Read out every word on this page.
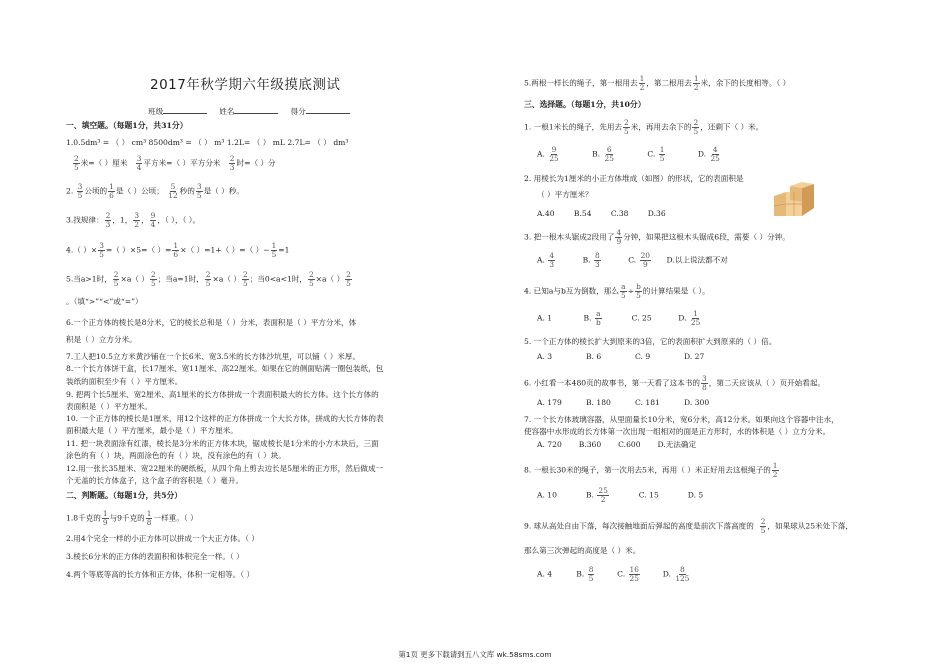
2017年秋学期六年级摸底测试
班级	姓名	得分
一、填空题。（每题1分，共31分）
1.0.5dm³ = （ ） cm³ 8500dm³ = （ ） m³ 1.2L= （ ） mL 2.7L= （ ） dm³
$\frac{2}{5}$ 米=（ ）厘米 $\frac{3}{4}$ 平方米=（ ）平方分米 $\frac{2}{3}$ 时=（ ）分
2. $\frac{3}{5}$ 公顷的 $\frac{1}{6}$ 是（ ）公顷； $\frac{5}{12}$ 秒的 $\frac{3}{5}$ 是（ ）秒。
3.找规律： $\frac{2}{3}$ ，1， $\frac{3}{2}$ ， $\frac{9}{4}$ ，（ ），（ ）。
4.（ ）× $\frac{3}{5}$ =（ ）×5=（ ）= $\frac{1}{6}$ ×（ ）=1+（ ）=（ ）− $\frac{1}{5} =1$
5.当a>1时， $\frac{2}{5} \times a$（ ） $\frac{2}{5}$ ；当a=1时， $\frac{2}{5} \times a$（ ） $\frac{2}{5}$ ；当0<a<1时， $\frac{2}{5} \times a$（ ） $\frac{2}{5}$
。（填“>”“<”或“=”）
6.一个正方体的棱长是8分米，它的棱长总和是（ ）分米，表面积是（ ）平方分米，体
积是（ ）立方分米。
7.工人把10.5立方米黄沙铺在一个长6米、宽3.5米的长方体沙坑里，可以铺（ ）米厚。
8.一个长方体饼干盒，长17厘米、宽11厘米、高22厘米。如果在它的侧面贴满一圈包装纸，包
装纸的面积至少有（ ）平方厘米。
9. 把两个长5厘米、宽2厘米、高1厘米的长方体拼成一个表面积最大的长方体。这个长方体的
表面积是（ ）平方厘米。
10. 一个正方体的棱长是1厘米，用12个这样的正方体拼成一个大长方体，拼成的大长方体的表
面积最大是（ ）平方厘米，最小是（ ）平方厘米。
11. 把一块表面涂有红漆，棱长是3分米的正方体木块，锯成棱长是1分米的小方木块后，三面
涂色的有（ ）块，两面涂色的有（ ）块，没有涂色的有（ ）块。
12.用一张长35厘米、宽22厘米的硬纸板，从四个角上剪去边长是5厘米的正方形，然后做成一
个无盖的长方体盒子，这个盒子的容积是（ ）毫升。
二、判断题。（每题1分，共5分）
1.8千克的 $\frac{1}{9}$ 与9千克的 $\frac{1}{8}$ 一样重。（ ）
2.用4个完全一样的小正方体可以拼成一个大正方体。（ ）
3.棱长6分米的正方体的表面积和体积完全一样。（ ）
4.两个等底等高的长方体和正方体，体积一定相等。（ ）
5.两根一样长的绳子，第一根用去 $\frac{1}{2}$ ，第二根用去 $\frac{1}{2}$ 米，余下的长度相等。（ ）
三、选择题。（每题1分，共10分）
1. 一根1米长的绳子，先用去 $\frac{2}{5}$ 米，再用去余下的 $\frac{2}{5}$ ，还剩下（ ）米。
A. $\frac{9}{25}$	B. $\frac{6}{25}$	C. $\frac{1}{5}$	D. $\frac{4}{25}$
2. 用棱长为1厘米的小正方体堆成（如图）的形状，它的表面积是
（ ）平方厘米？
A.40	B.54	C.38	D.36
3. 把一根木头锯成2段用了 $\frac{4}{9}$ 分钟，如果把这根木头锯成6段，需要（ ）分钟。
A. $\frac{4}{3} B$. $\frac{8}{3} C$. $\frac{20}{9} D$.以上说法都不对
4. 已知a与b互为倒数，那么 $\frac{a}{5} \div \frac{b}{5}$ 的计算结果是（ ）。
A. 1	B. $\frac{a}{b}$	C. 25	D. $\frac{1}{25}$
5. 一个正方体的棱长扩大到原来的3倍，它的表面积扩大到原来的（ ）倍。
A. 3	B. 6	C. 9	D. 27
6. 小红看一本480页的故事书，第一天看了这本书的 $\frac{3}{8}$ ，第二天应该从（ ）页开始看起。
A. 179	B. 180	C. 181	D. 300
7. 一个长方体玻璃容器，从里面量长10分米，宽6分米，高12分米。如果向这个容器中注水，
使容器中水形成的长方体第一次出现一组相对的面是正方形时，水的体积是（ ）立方分米。
A. 720 B.360 C.600 D.无法确定
8. 一根长30米的绳子，第一次用去5米，再用（ ）米正好用去这根绳子的 $\frac{1}{2}$
A. 10	B. $\frac{25}{2}$	C. 15	D. 5
9. 球从高处自由下落，每次接触地面后弹起的高度是前次下落高度的 $\frac{2}{5}$ ，如果球从25米处下落，
那么第三次弹起的高度是（ ）米。
A. 4	B. $\frac{8}{5}$	C. $\frac{16}{25}$	D. $\frac{8}{125}$
第1页 更多下载请到五八文库 wk.58sms.com
